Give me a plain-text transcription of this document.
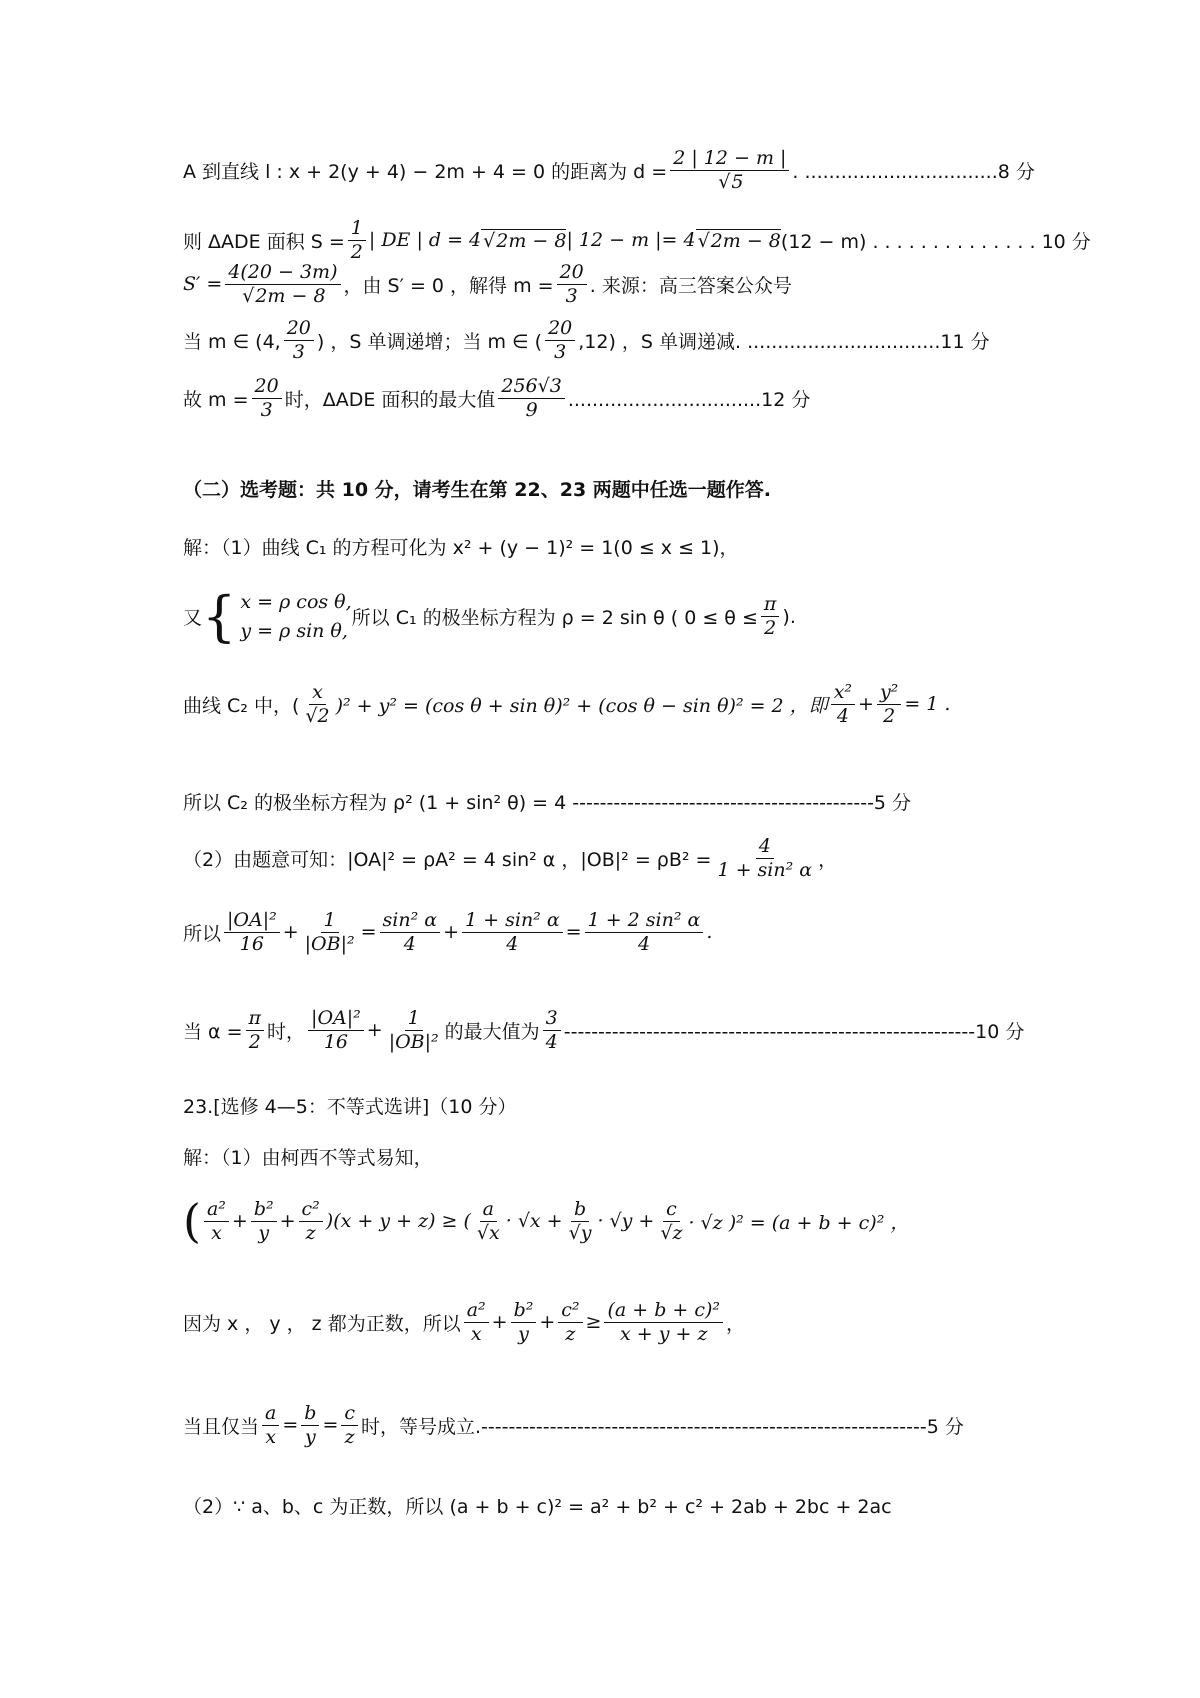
A 到直线 l : x + 2(y + 4) − 2m + 4 = 0 的距离为 d = 2 | 12 − m |
√ 5 . ................................8 分
则 ΔADE 面积 $S = \frac{1}{2}$ | DE | d = 4 √ 2m − 8 | 12 − m |= 4 √ 2m − 8 (12 − m) . . . . . . . . . . . . . . 10 分
S′ = 4(20 − 3m)
√ 2m − 8 ，由 S′ = 0 ，解得 $m = \frac{20}{3}$ . 来源：高三答案公众号
当 m ∈ (4, $\frac{20}{3}$ ) ，S 单调递增；当 m ∈ ( $\frac{20}{3} ,12$) ，S 单调递减. ................................11 分
故 $m = \frac{20}{3}$ 时，ΔADE 面积的最大值 $\frac{256√3}{9} ................................12$ 分
（二）选考题：共 10 分，请考生在第 22、23 两题中任选一题作答.
解：（1）曲线 C₁ 的方程可化为 x² + (y − 1)² = 1(0 ≤ x ≤ 1)，
又 { x = ρ cos θ,
y = ρ sin θ,
所以 C₁ 的极坐标方程为 ρ = 2 sin θ ( $0 \le \theta \le \frac{\pi}{2}$ ).
曲线 C₂ 中，( $\frac{x}{√2} )^2 + y^2 = (\cos$ θ + sin θ)² + (cos θ − sin θ)² = 2 ，即 $\frac{\text{x²}}{4} + \frac{\text{y²}}{2} = 1$ .
所以 C₂ 的极坐标方程为 ρ² (1 + sin² θ) = 4 --------------------------------------------5 分
（2）由题意可知：|OA|² = ρA² = 4 sin² α ，$|OB|^2 = \rho B^2 = \frac{4}{\text{1 + sin² α}}$ ，
所以 $\frac{\text{|OA|²}}{16} + \frac{1}{\text{|OB|²}} = \frac{\text{sin² α}}{4} + \frac{\text{1 + sin² α}}{4} = \frac{\text{1 + 2 sin² α}}{4}$ .
当 $\alpha = \frac{\pi}{2}$ 时， $\frac{\text{|OA|²}}{16} + \frac{1}{\text{|OB|²}}$ 的最大值为 $\frac{3}{4} ------------------------------------------------------------10$ 分
23.[选修 4—5：不等式选讲]（10 分）
解：（1）由柯西不等式易知，
( $\frac{\text{a²}}{x} + \frac{\text{b²}}{y} + \frac{\text{c²}}{z} )(x + y + z)$ ≥ ( $\frac{a}{√x} \cdot √x + \frac{b}{√y} \cdot √y + \frac{c}{√z} \cdot √z$ )² = (a + b + c)² ，
因为 x ， y ， z 都为正数，所以 $\frac{\text{a²}}{x} + \frac{\text{b²}}{y} + \frac{\text{c²}}{z} \ge \frac{\text{(a + b + c)²}}{x + y + z}$ ，
当且仅当 $\frac{a}{x} = \frac{b}{y} = \frac{c}{z}$ 时，等号成立.-----------------------------------------------------------------5 分
（2）∵ a、b、c 为正数，所以 (a + b + c)² = a² + b² + c² + 2ab + 2bc + 2ac
